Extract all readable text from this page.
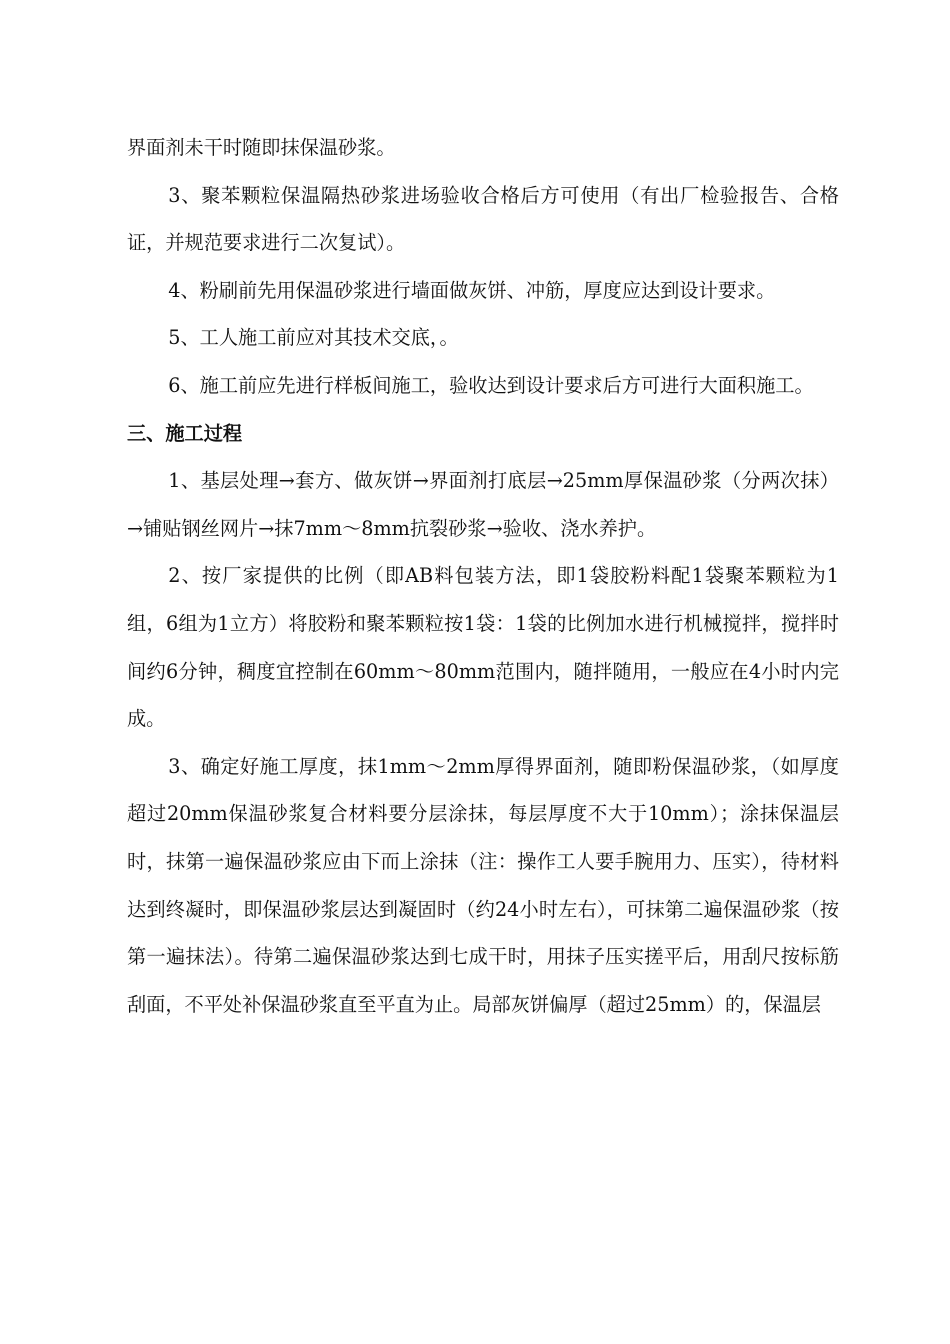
界面剂未干时随即抹保温砂浆。

3、聚苯颗粒保温隔热砂浆进场验收合格后方可使用（有出厂检验报告、合格证，并规范要求进行二次复试）。

4、粉刷前先用保温砂浆进行墙面做灰饼、冲筋，厚度应达到设计要求。

5、工人施工前应对其技术交底，。

6、施工前应先进行样板间施工，验收达到设计要求后方可进行大面积施工。

三、施工过程

1、基层处理→套方、做灰饼→界面剂打底层→25mm厚保温砂浆（分两次抹）→铺贴钢丝网片→抹7mm～8mm抗裂砂浆→验收、浇水养护。

2、按厂家提供的比例（即AB料包装方法，即1袋胶粉料配1袋聚苯颗粒为1组，6组为1立方）将胶粉和聚苯颗粒按1袋：1袋的比例加水进行机械搅拌，搅拌时间约6分钟，稠度宜控制在60mm～80mm范围内，随拌随用，一般应在4小时内完成。

3、确定好施工厚度，抹1mm～2mm厚得界面剂，随即粉保温砂浆，（如厚度超过20mm保温砂浆复合材料要分层涂抹，每层厚度不大于10mm）；涂抹保温层时，抹第一遍保温砂浆应由下而上涂抹（注：操作工人要手腕用力、压实），待材料达到终凝时，即保温砂浆层达到凝固时（约24小时左右），可抹第二遍保温砂浆（按第一遍抹法）。待第二遍保温砂浆达到七成干时，用抹子压实搓平后，用刮尺按标筋刮面，不平处补保温砂浆直至平直为止。局部灰饼偏厚（超过25mm）的，保温层
